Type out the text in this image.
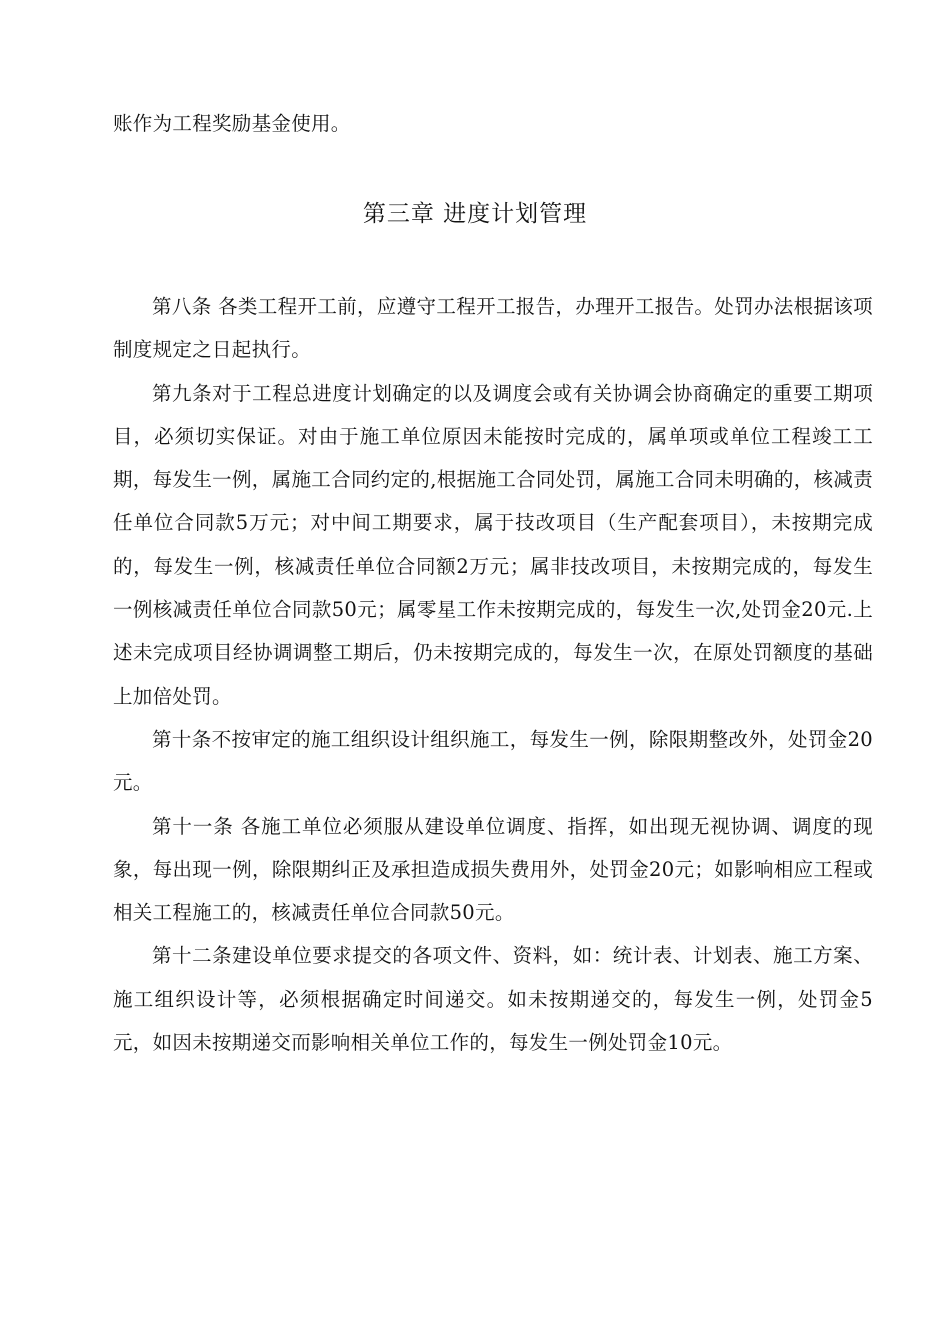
账作为工程奖励基金使用。
第三章 进度计划管理

第八条 各类工程开工前，应遵守工程开工报告，办理开工报告。处罚办法根据该项制度规定之日起执行。

第九条对于工程总进度计划确定的以及调度会或有关协调会协商确定的重要工期项目，必须切实保证。对由于施工单位原因未能按时完成的，属单项或单位工程竣工工期，每发生一例，属施工合同约定的,根据施工合同处罚，属施工合同未明确的，核减责任单位合同款5万元；对中间工期要求，属于技改项目（生产配套项目），未按期完成的，每发生一例，核减责任单位合同额2万元；属非技改项目，未按期完成的，每发生一例核减责任单位合同款50元；属零星工作未按期完成的，每发生一次,处罚金20元.上述未完成项目经协调调整工期后，仍未按期完成的，每发生一次，在原处罚额度的基础上加倍处罚。

第十条不按审定的施工组织设计组织施工，每发生一例，除限期整改外，处罚金20元。

第十一条 各施工单位必须服从建设单位调度、指挥，如出现无视协调、调度的现象，每出现一例，除限期纠正及承担造成损失费用外，处罚金20元；如影响相应工程或相关工程施工的，核减责任单位合同款50元。

第十二条建设单位要求提交的各项文件、资料，如：统计表、计划表、施工方案、施工组织设计等，必须根据确定时间递交。如未按期递交的，每发生一例，处罚金5元，如因未按期递交而影响相关单位工作的，每发生一例处罚金10元。
